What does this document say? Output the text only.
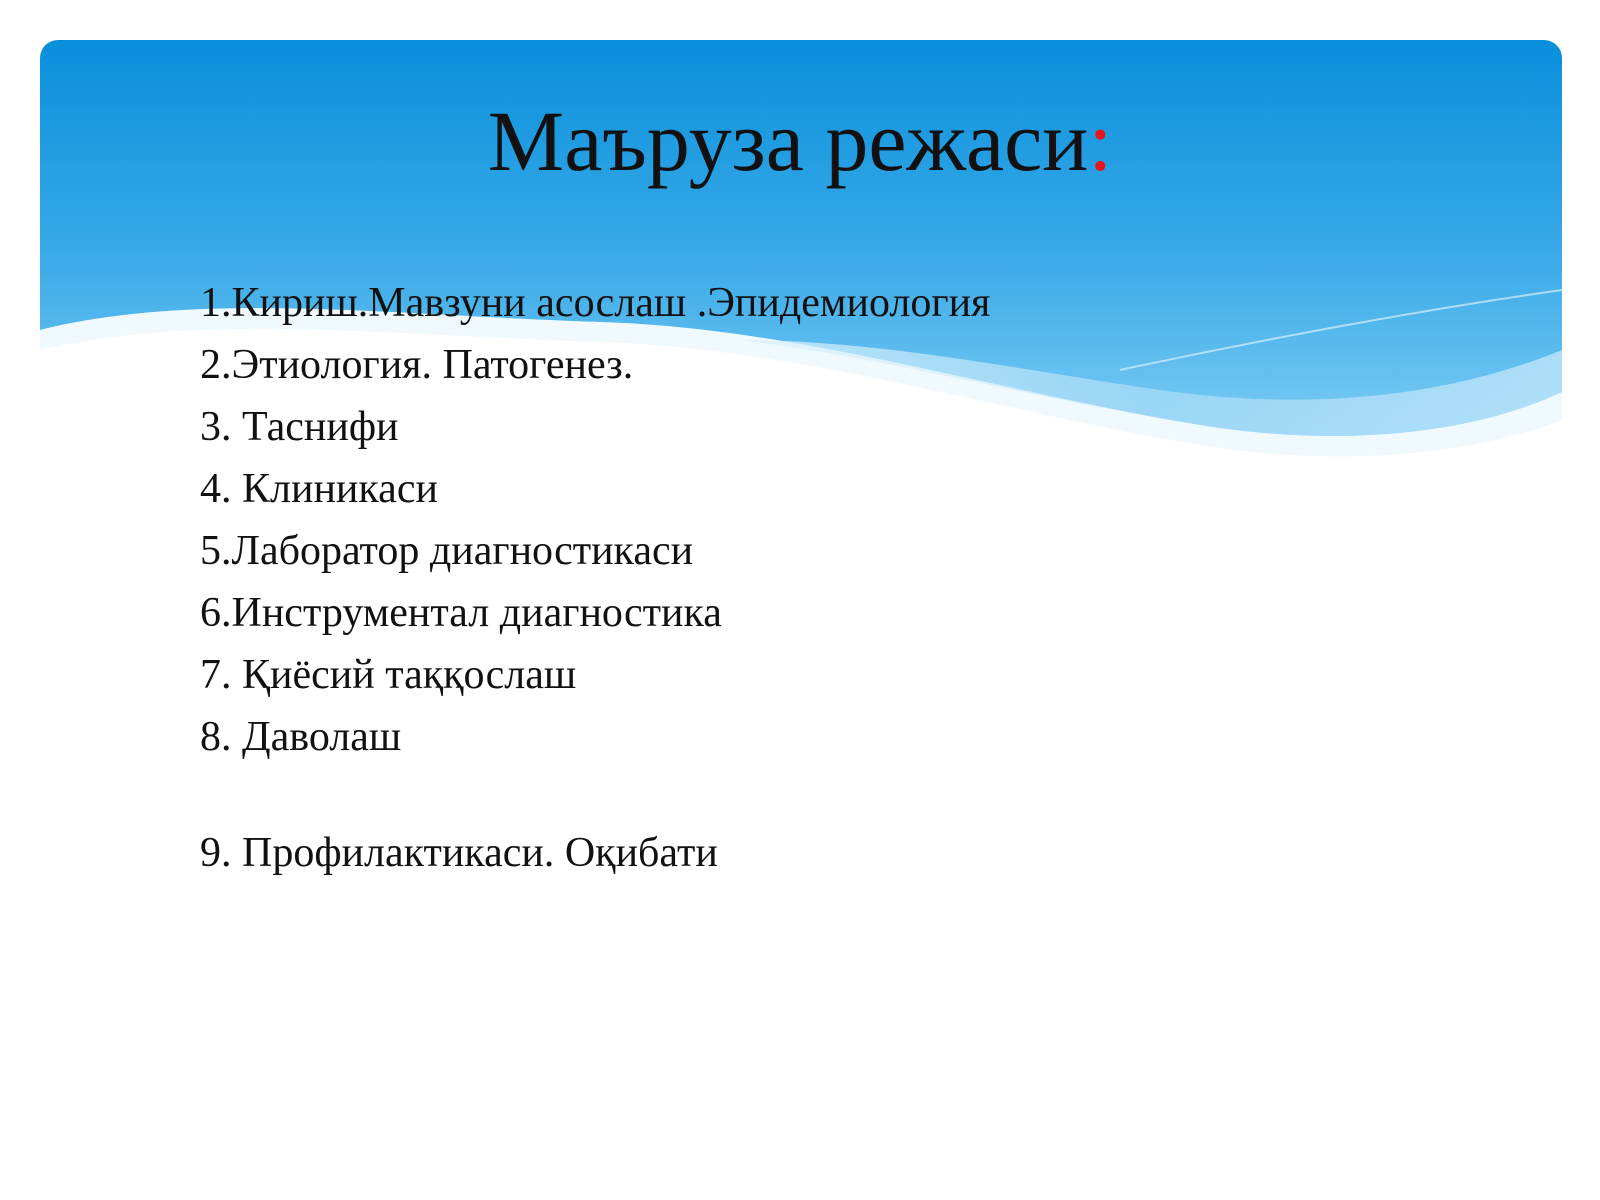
Маъруза режаси:
1.Кириш.Мавзуни асослаш .Эпидемиология
2.Этиология. Патогенез.
3. Таснифи
4. Клиникаси
5.Лаборатор диагностикаси
6.Инструментал диагностика
7. Қиёсий таққослаш
8. Даволаш
9. Профилактикаси. Оқибати
